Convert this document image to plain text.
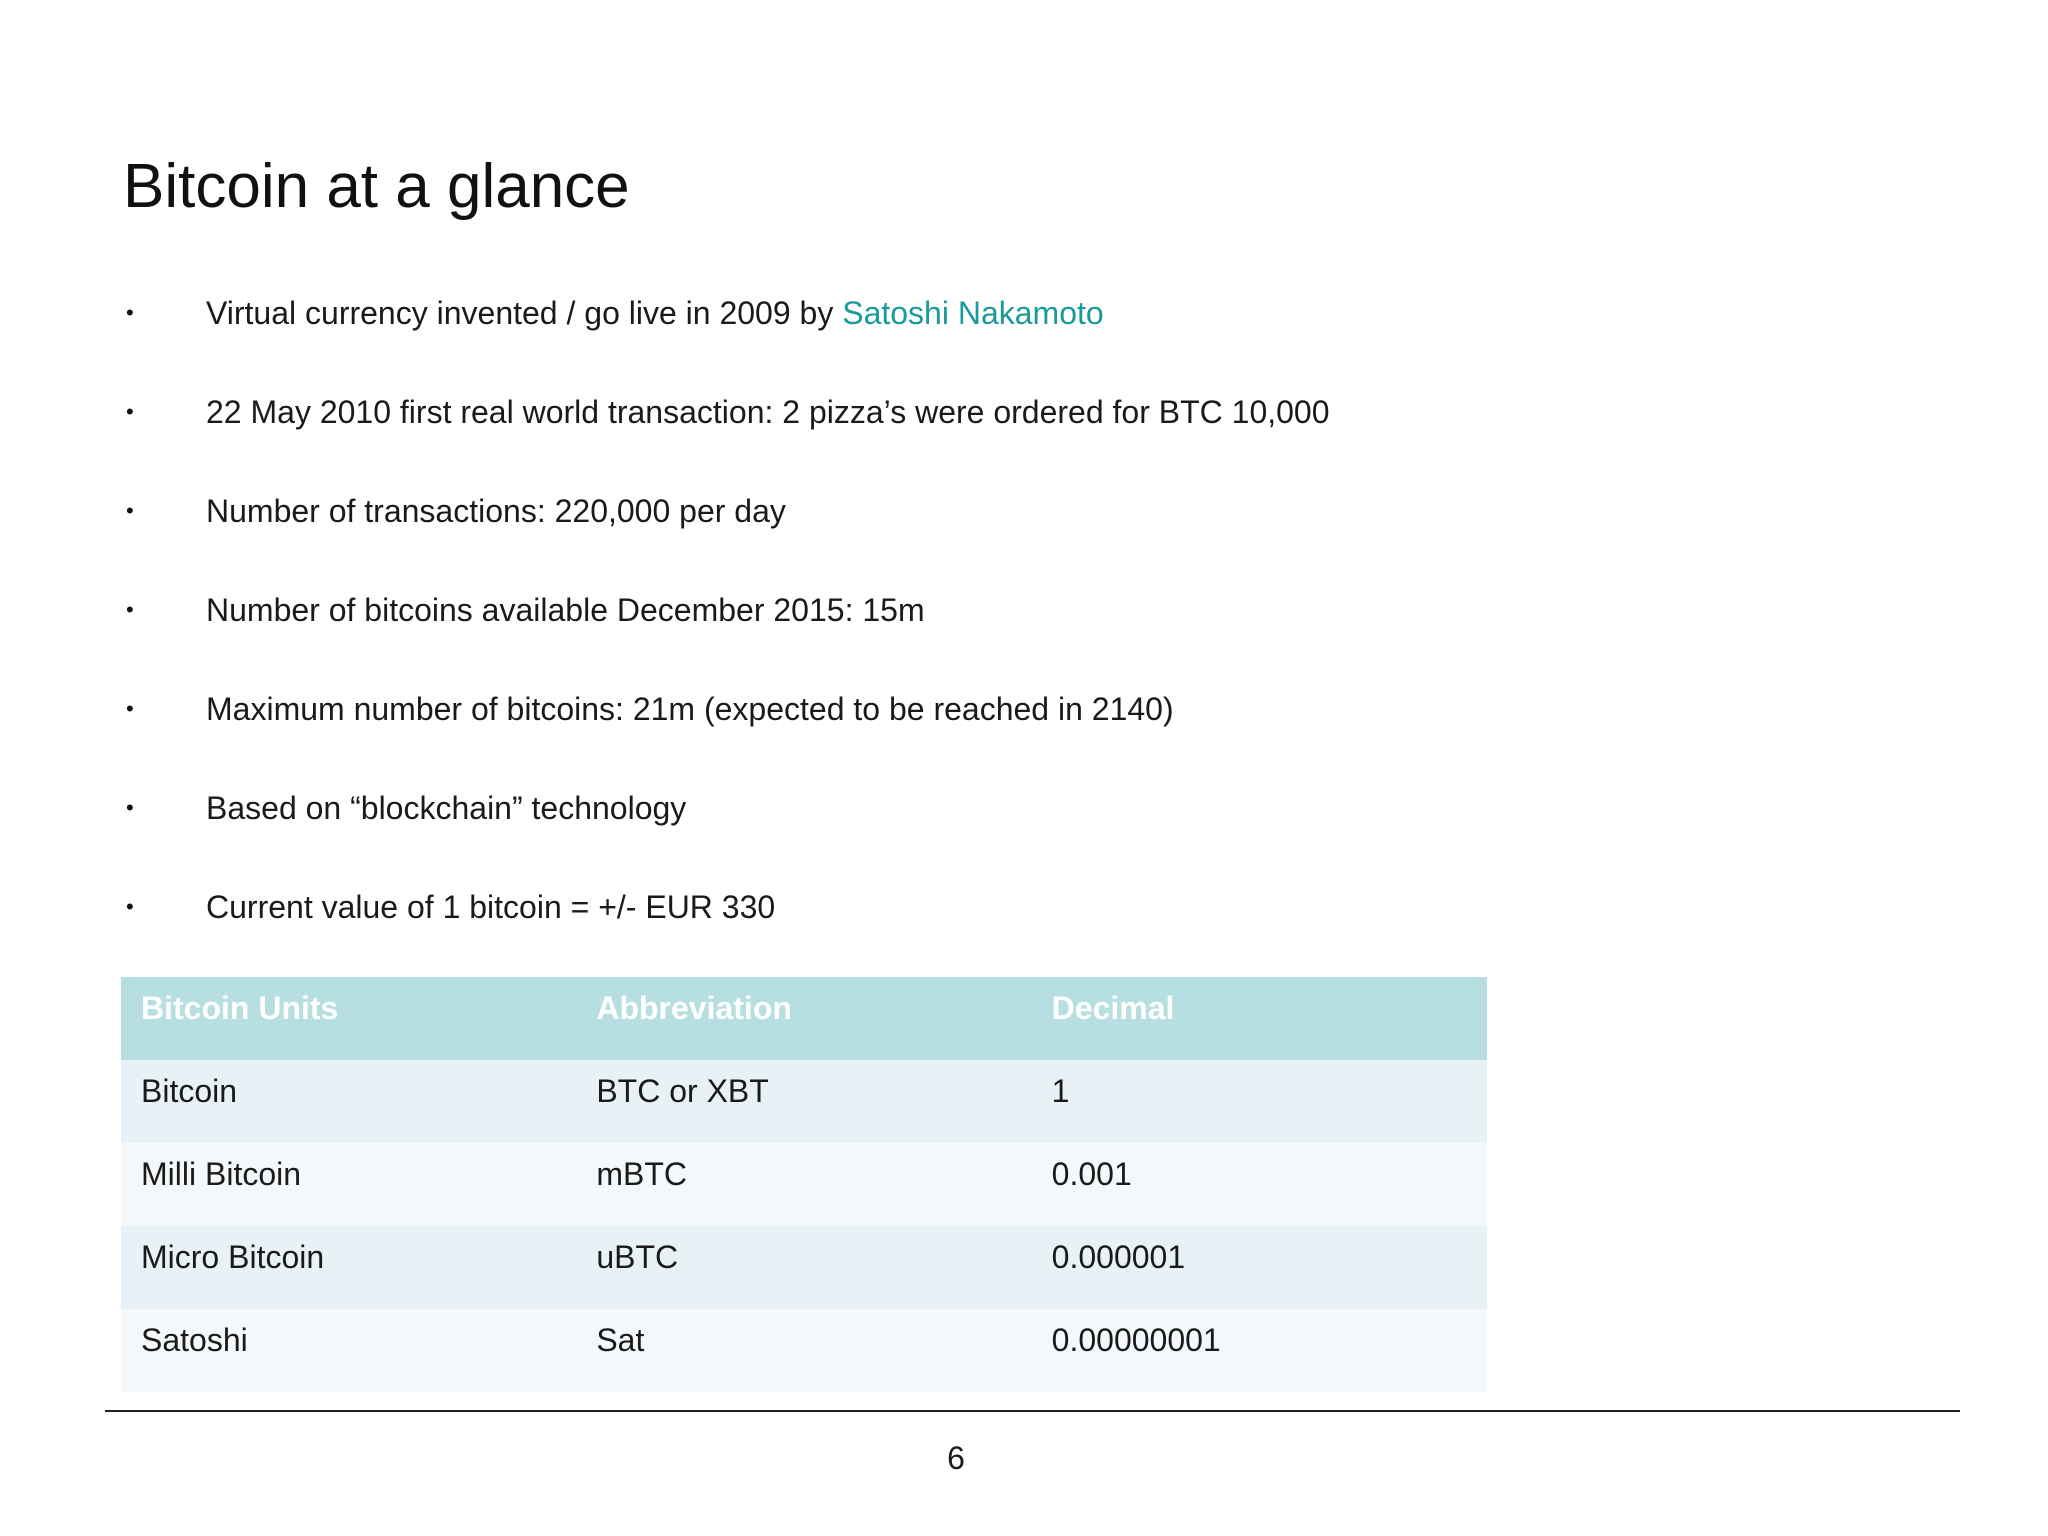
Bitcoin at a glance
•	Virtual currency invented / go live in 2009 by Satoshi Nakamoto
•	22 May 2010 first real world transaction: 2 pizza’s were ordered for BTC 10,000
•	Number of transactions: 220,000 per day
•	Number of bitcoins available December 2015: 15m
•	Maximum number of bitcoins: 21m (expected to be reached in 2140)
•	Based on “blockchain” technology
•	Current value of 1 bitcoin = +/- EUR 330
Bitcoin Units	Abbreviation	Decimal
Bitcoin	BTC or XBT	1
Milli Bitcoin	mBTC	0.001
Micro Bitcoin	uBTC	0.000001
Satoshi	Sat	0.00000001
6
